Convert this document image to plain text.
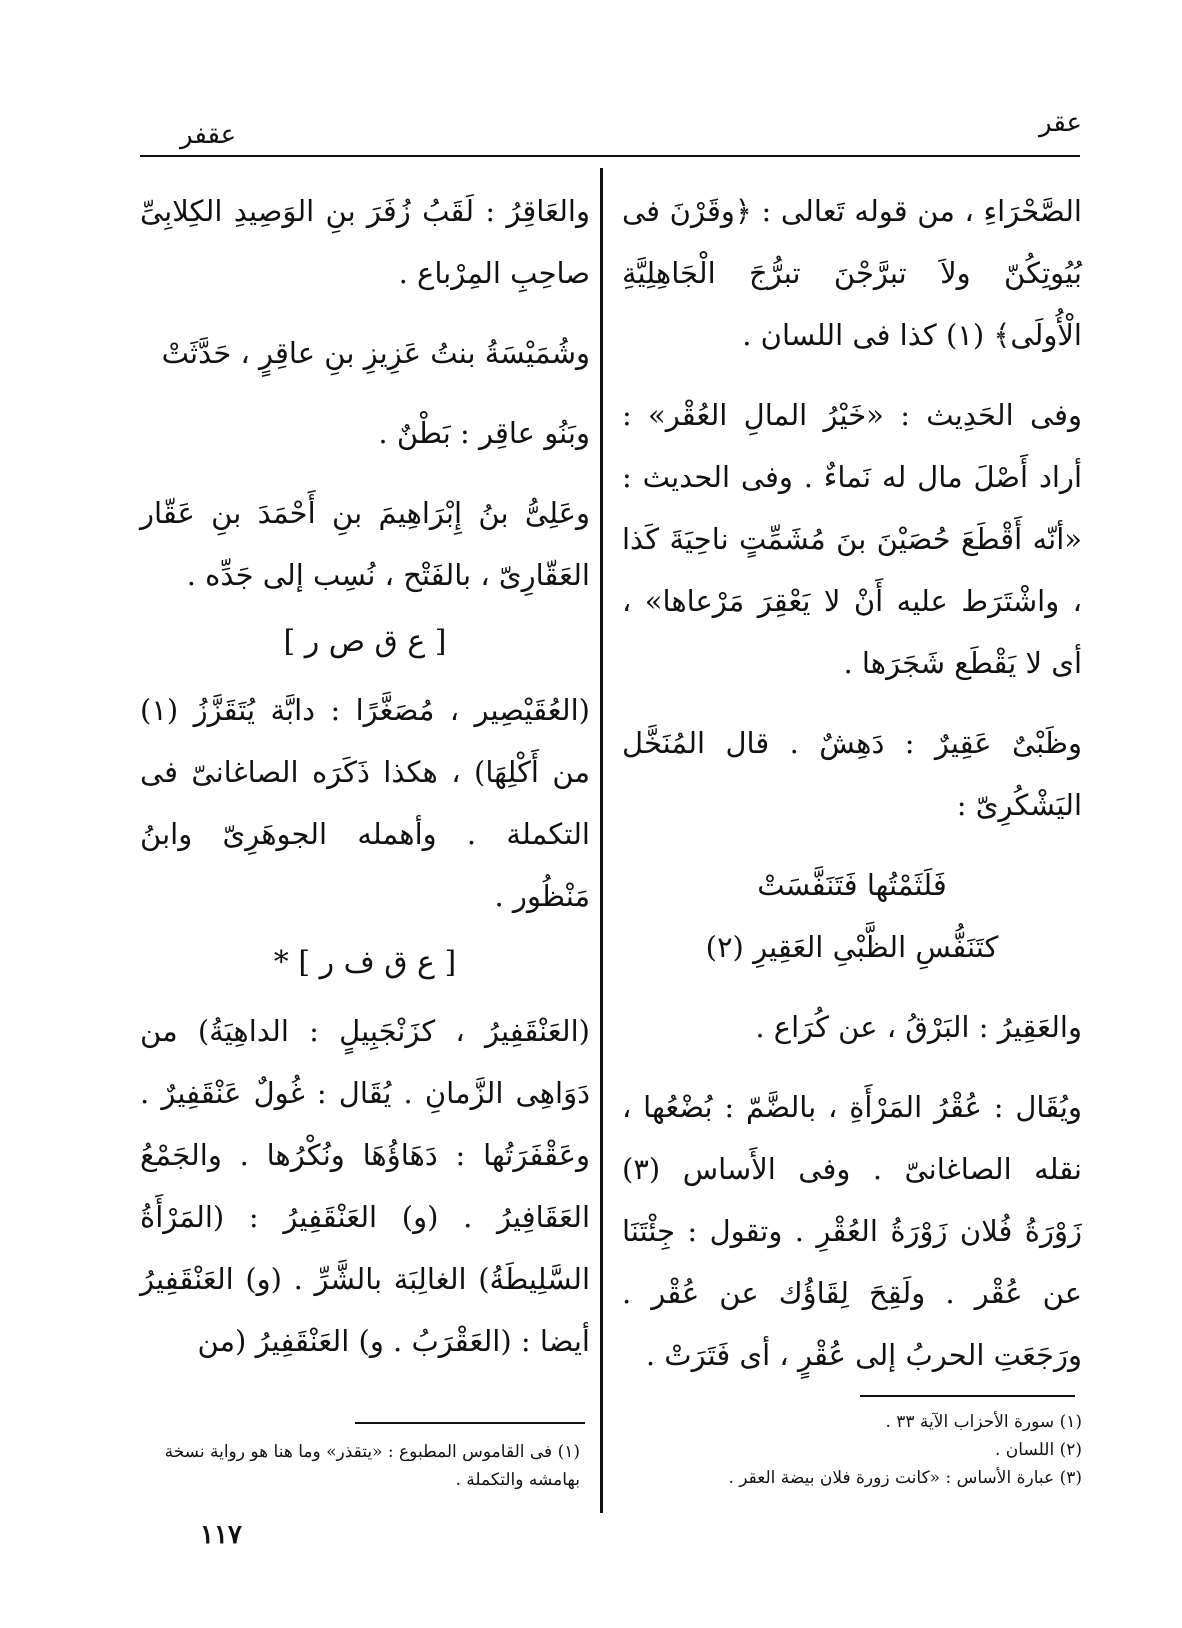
عقر
عقفر

الصَّحْرَاءِ ، من قوله تَعالى : ﴿وقَرْنَ فى بُيُوتِكُنّ ولاَ تبرَّجْنَ تبرُّجَ الْجَاهِلِيَّةِ الْأُولَى﴾ (١) كذا فى اللسان .

وفى الحَدِيث : «خَيْرُ المالِ العُقْر» : أراد أَصْلَ مال له نَماءٌ . وفى الحديث : «أنّه أَقْطَعَ حُصَيْنَ بنَ مُشَمِّتٍ ناحِيَةَ كَذا ، واشْتَرَط عليه أَنْ لا يَعْقِرَ مَرْعاها» ، أى لا يَقْطَع شَجَرَها .

وظَبْىٌ عَقِيرٌ : دَهِشٌ . قال المُنَخَّل اليَشْكُرِىّ :

فَلَثَمْتُها فَتَنَفَّسَتْ

كتَنَفُّسِ الظَّبْىِ العَقِيرِ (٢)

والعَقِيرُ : البَرْقُ ، عن كُرَاع .

ويُقَال : عُقْرُ المَرْأَةِ ، بالضَّمّ : بُضْعُها ، نقله الصاغانىّ . وفى الأَساس (٣) زَوْرَةُ فُلان زَوْرَةُ العُقْرِ . وتقول : جِئْتَنَا عن عُقْر . ولَقِحَ لِقَاؤُك عن عُقْر . ورَجَعَتِ الحربُ إلى عُقْرٍ ، أى فَتَرَتْ .

والعَاقِرُ : لَقَبُ زُفَرَ بنِ الوَصِيدِ الكِلابِىِّ صاحِبِ المِرْباع .

وشُمَيْسَةُ بنتُ عَزِيزِ بنِ عاقِرٍ ، حَدَّثَتْ

وبَنُو عاقِر : بَطْنٌ .

وعَلِىُّ بنُ إِبْرَاهِيمَ بنِ أَحْمَدَ بنِ عَقّار العَقّارِىّ ، بالفَتْح ، نُسِب إلى جَدِّه .

[ ع ق ص ر ]

(العُقَيْصِير ، مُصَغَّرًا : دابَّة يُتَقَزَّزُ (١) من أَكْلِهَا) ، هكذا ذَكَرَه الصاغانىّ فى التكملة . وأهمله الجوهَرِىّ وابنُ مَنْظُور .

[ ع ق ف ر ] *

(العَنْقَفِيرُ ، كزَنْجَبِيلٍ : الداهِيَةُ) من دَوَاهِى الزَّمانِ . يُقَال : غُولٌ عَنْقَفِيرٌ . وعَقْفَرَتُها : دَهَاؤُهَا ونُكْرُها . والجَمْعُ العَقَافِيرُ . (و) العَنْقَفِيرُ : (المَرْأَةُ السَّلِيطَةُ) الغالِبَة بالشَّرِّ . (و) العَنْقَفِيرُ أيضا : (العَقْرَبُ . و) العَنْقَفِيرُ (من

(١) سورة الأحزاب الآية ٣٣ .
(٢) اللسان .
(٣) عبارة الأساس : «كانت زورة فلان بيضة العقر .
(١) فى القاموس المطبوع : «يتقذر» وما هنا هو رواية نسخة بهامشه والتكملة .
١١٧
